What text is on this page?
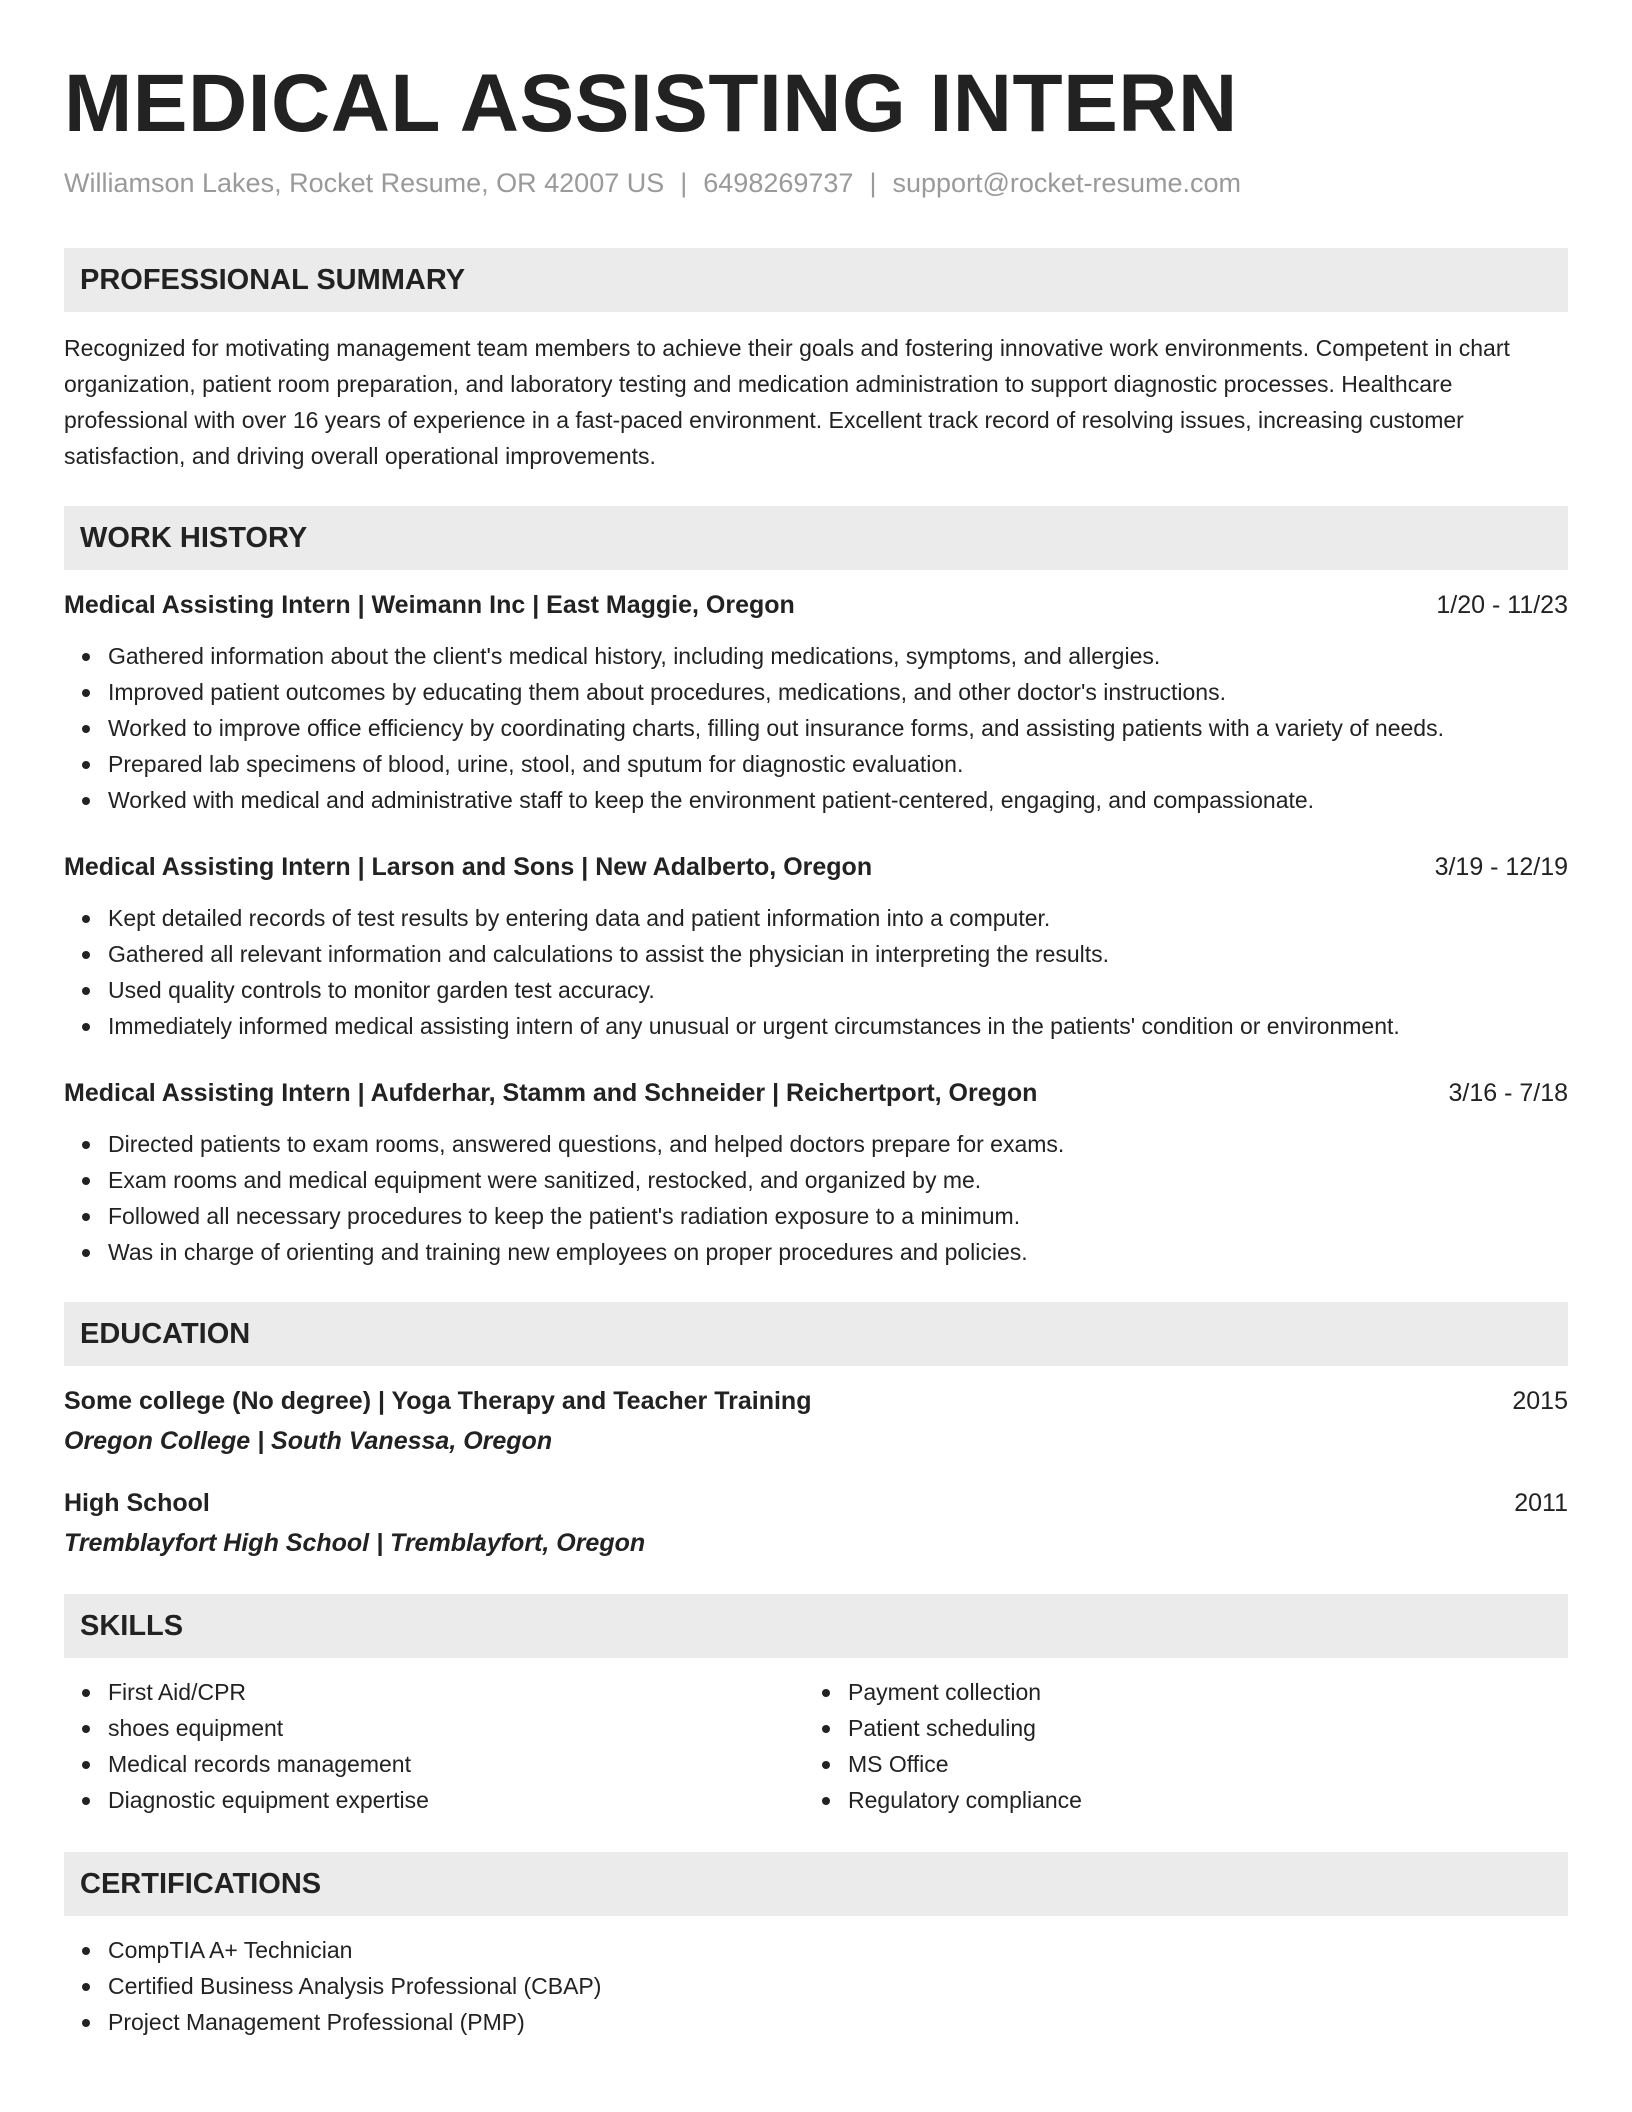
MEDICAL ASSISTING INTERN
Williamson Lakes, Rocket Resume, OR 42007 US | 6498269737 | support@rocket-resume.com
PROFESSIONAL SUMMARY
Recognized for motivating management team members to achieve their goals and fostering innovative work environments. Competent in chart organization, patient room preparation, and laboratory testing and medication administration to support diagnostic processes. Healthcare professional with over 16 years of experience in a fast-paced environment. Excellent track record of resolving issues, increasing customer satisfaction, and driving overall operational improvements.
WORK HISTORY
Medical Assisting Intern | Weimann Inc | East Maggie, Oregon	1/20 - 11/23
Gathered information about the client's medical history, including medications, symptoms, and allergies.
Improved patient outcomes by educating them about procedures, medications, and other doctor's instructions.
Worked to improve office efficiency by coordinating charts, filling out insurance forms, and assisting patients with a variety of needs.
Prepared lab specimens of blood, urine, stool, and sputum for diagnostic evaluation.
Worked with medical and administrative staff to keep the environment patient-centered, engaging, and compassionate.
Medical Assisting Intern | Larson and Sons | New Adalberto, Oregon	3/19 - 12/19
Kept detailed records of test results by entering data and patient information into a computer.
Gathered all relevant information and calculations to assist the physician in interpreting the results.
Used quality controls to monitor garden test accuracy.
Immediately informed medical assisting intern of any unusual or urgent circumstances in the patients' condition or environment.
Medical Assisting Intern | Aufderhar, Stamm and Schneider | Reichertport, Oregon	3/16 - 7/18
Directed patients to exam rooms, answered questions, and helped doctors prepare for exams.
Exam rooms and medical equipment were sanitized, restocked, and organized by me.
Followed all necessary procedures to keep the patient's radiation exposure to a minimum.
Was in charge of orienting and training new employees on proper procedures and policies.
EDUCATION
Some college (No degree) | Yoga Therapy and Teacher Training	2015
Oregon College | South Vanessa, Oregon
High School	2011
Tremblayfort High School | Tremblayfort, Oregon
SKILLS
First Aid/CPR
shoes equipment
Medical records management
Diagnostic equipment expertise
Payment collection
Patient scheduling
MS Office
Regulatory compliance
CERTIFICATIONS
CompTIA A+ Technician
Certified Business Analysis Professional (CBAP)
Project Management Professional (PMP)
